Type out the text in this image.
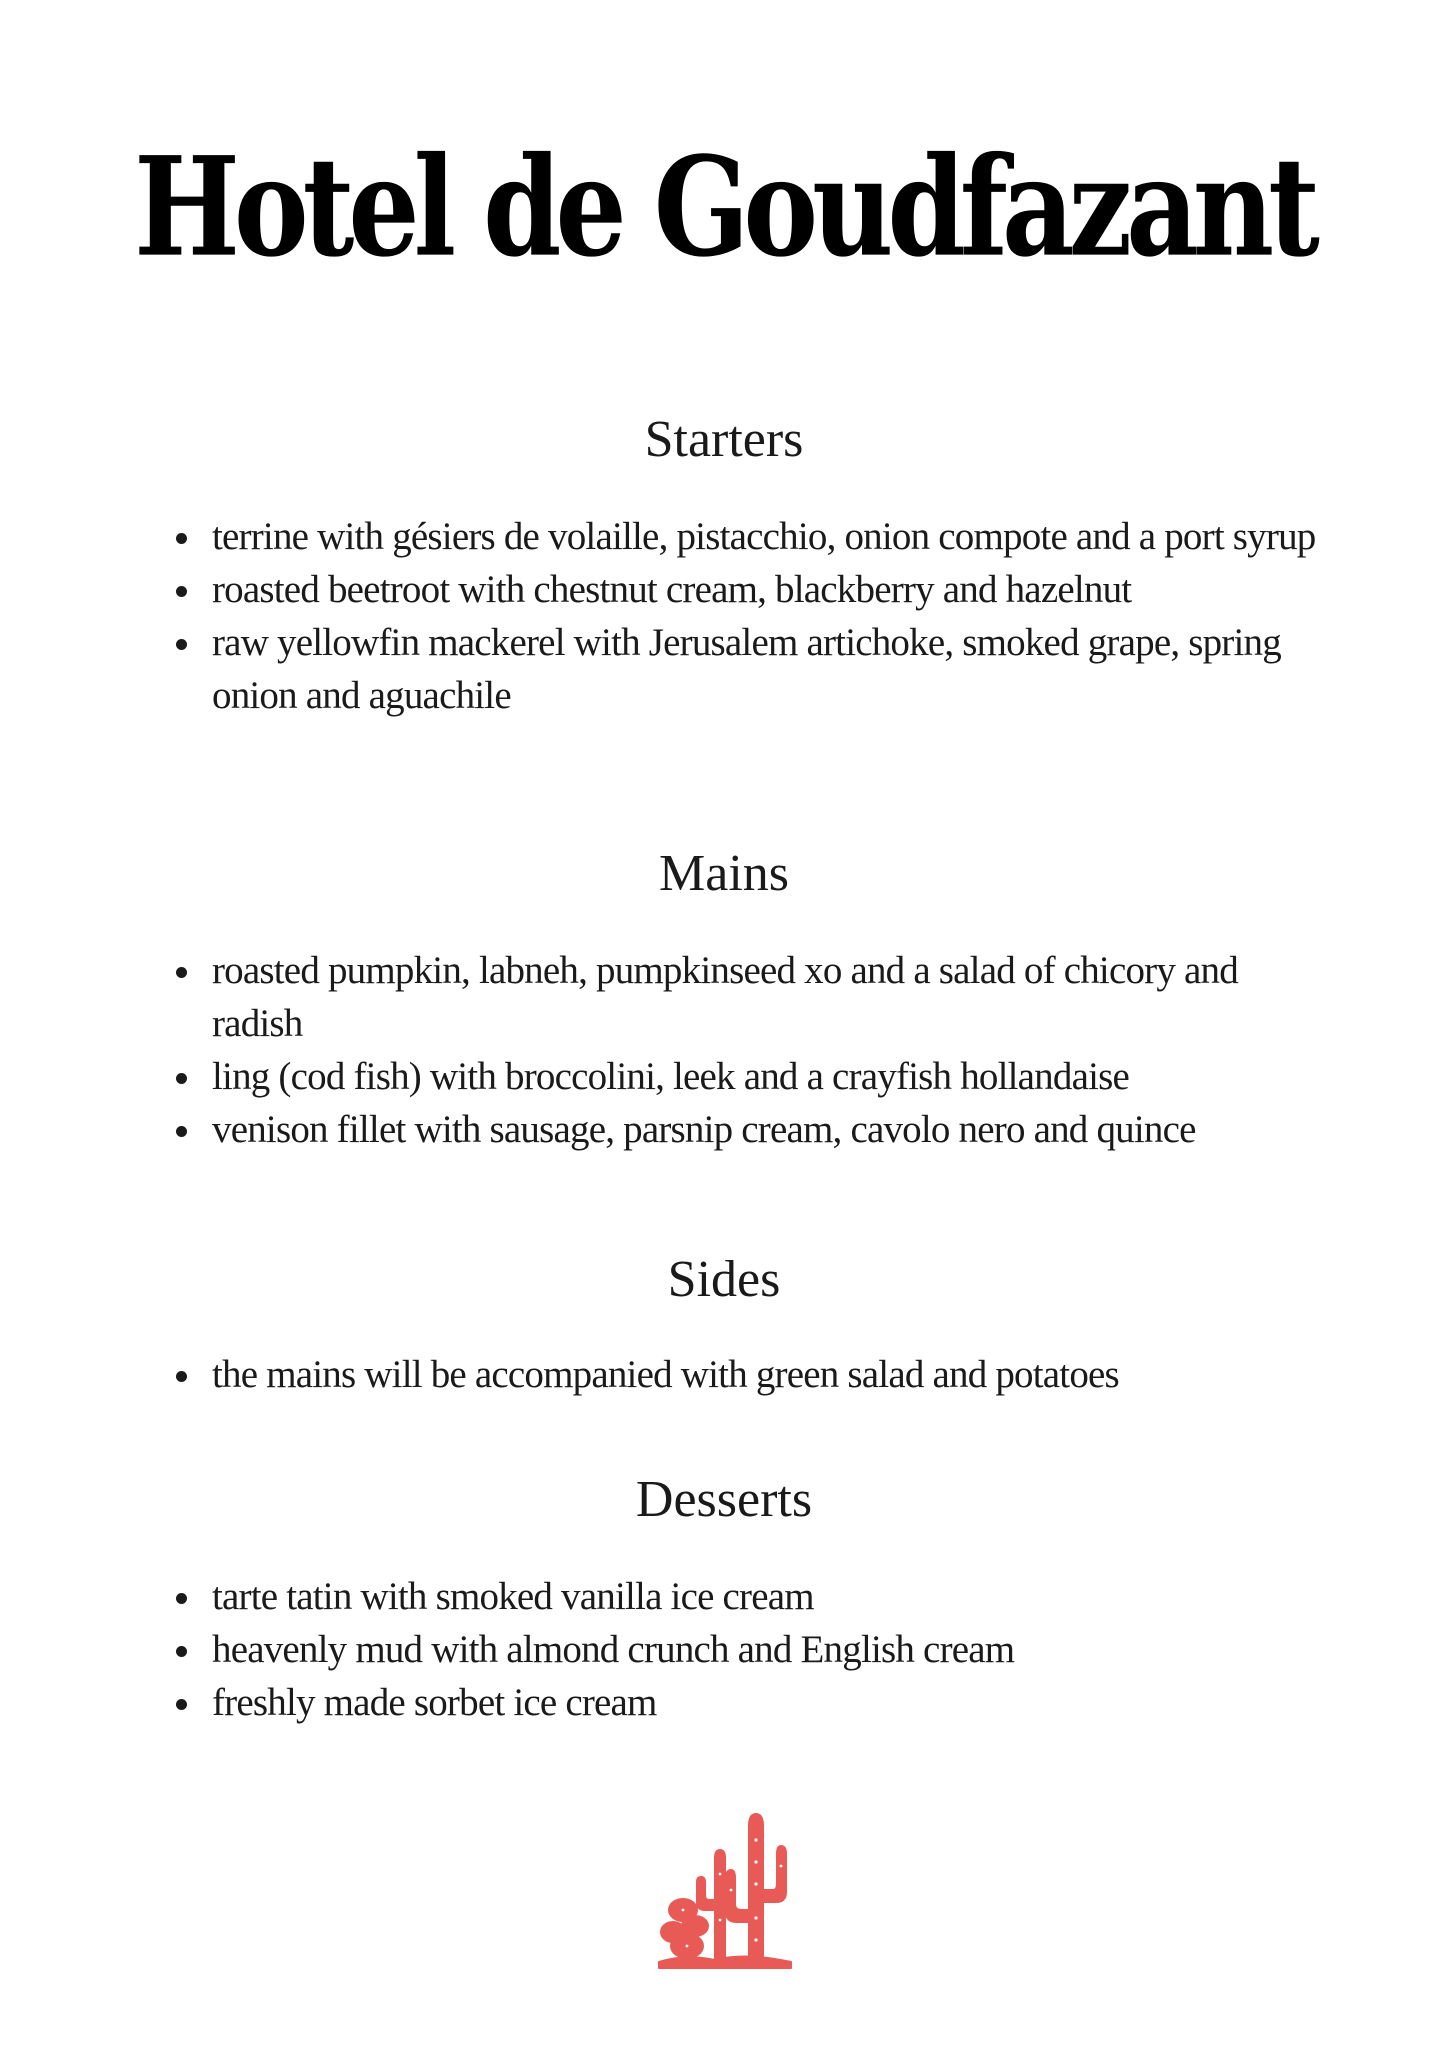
Hotel de Goudfazant
Starters
terrine with gésiers de volaille, pistacchio, onion compote and a port syrup
roasted beetroot with chestnut cream, blackberry and hazelnut
raw yellowfin mackerel with Jerusalem artichoke, smoked grape, spring onion and aguachile
Mains
roasted pumpkin, labneh, pumpkinseed xo and a salad of chicory and radish
ling (cod fish) with broccolini, leek and a crayfish hollandaise
venison fillet with sausage, parsnip cream, cavolo nero and quince
Sides
the mains will be accompanied with green salad and potatoes
Desserts
tarte tatin with smoked vanilla ice cream
heavenly mud with almond crunch and English cream
freshly made sorbet ice cream
